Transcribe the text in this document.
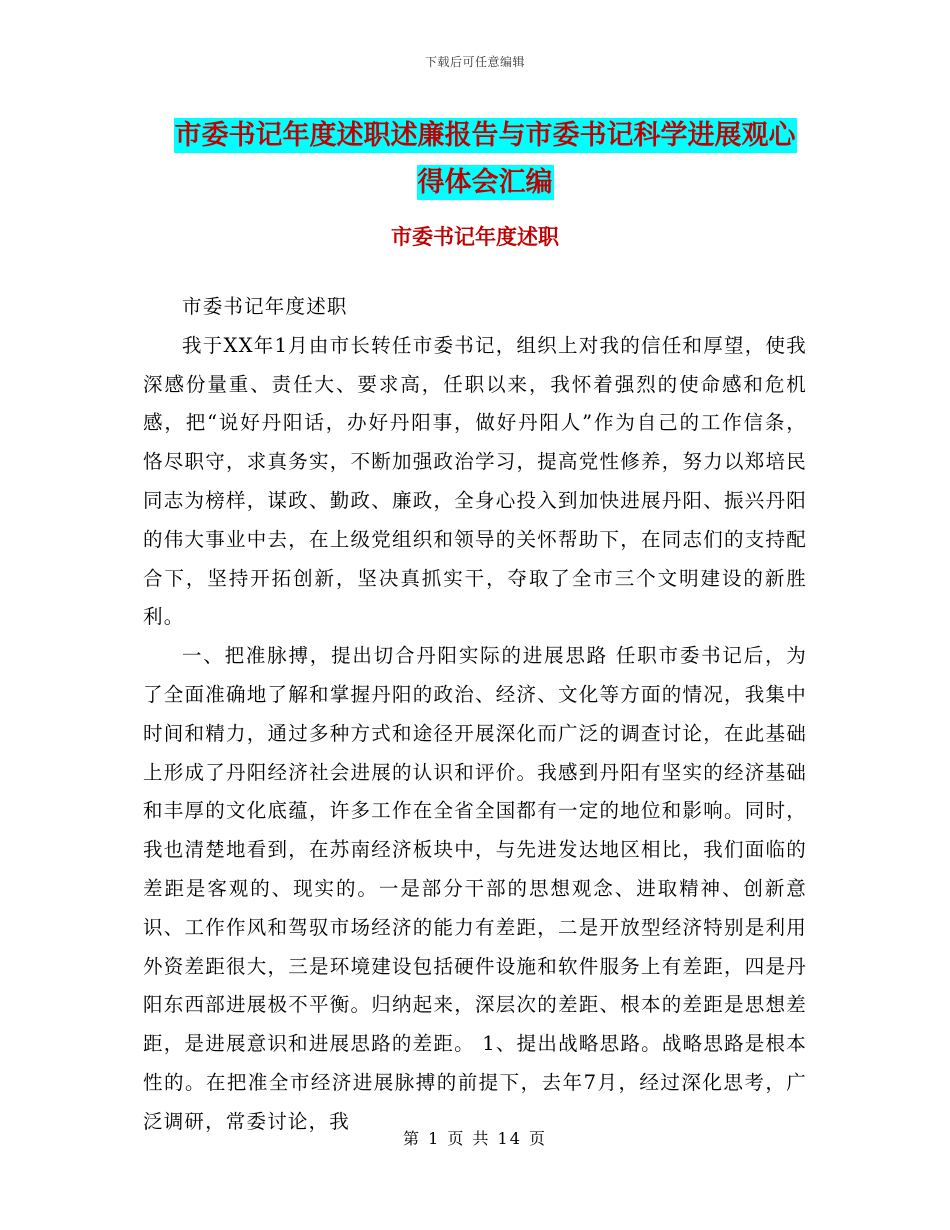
下载后可任意编辑
市委书记年度述职述廉报告与市委书记科学进展观心
得体会汇编
市委书记年度述职

市委书记年度述职

我于XX年1月由市长转任市委书记，组织上对我的信任和厚望，使我深感份量重、责任大、要求高，任职以来，我怀着强烈的使命感和危机感，把“说好丹阳话，办好丹阳事，做好丹阳人”作为自己的工作信条，恪尽职守，求真务实，不断加强政治学习，提高党性修养，努力以郑培民同志为榜样，谋政、勤政、廉政，全身心投入到加快进展丹阳、振兴丹阳的伟大事业中去，在上级党组织和领导的关怀帮助下，在同志们的支持配合下，坚持开拓创新，坚决真抓实干，夺取了全市三个文明建设的新胜利。

一、把准脉搏，提出切合丹阳实际的进展思路 任职市委书记后，为了全面准确地了解和掌握丹阳的政治、经济、文化等方面的情况，我集中时间和精力，通过多种方式和途径开展深化而广泛的调查讨论，在此基础上形成了丹阳经济社会进展的认识和评价。我感到丹阳有坚实的经济基础和丰厚的文化底蕴，许多工作在全省全国都有一定的地位和影响。同时，我也清楚地看到，在苏南经济板块中，与先进发达地区相比，我们面临的差距是客观的、现实的。一是部分干部的思想观念、进取精神、创新意识、工作作风和驾驭市场经济的能力有差距，二是开放型经济特别是利用外资差距很大，三是环境建设包括硬件设施和软件服务上有差距，四是丹阳东西部进展极不平衡。归纳起来，深层次的差距、根本的差距是思想差距，是进展意识和进展思路的差距。 1、提出战略思路。战略思路是根本性的。在把准全市经济进展脉搏的前提下，去年7月，经过深化思考，广泛调研，常委讨论，我

第 1 页 共 14 页
